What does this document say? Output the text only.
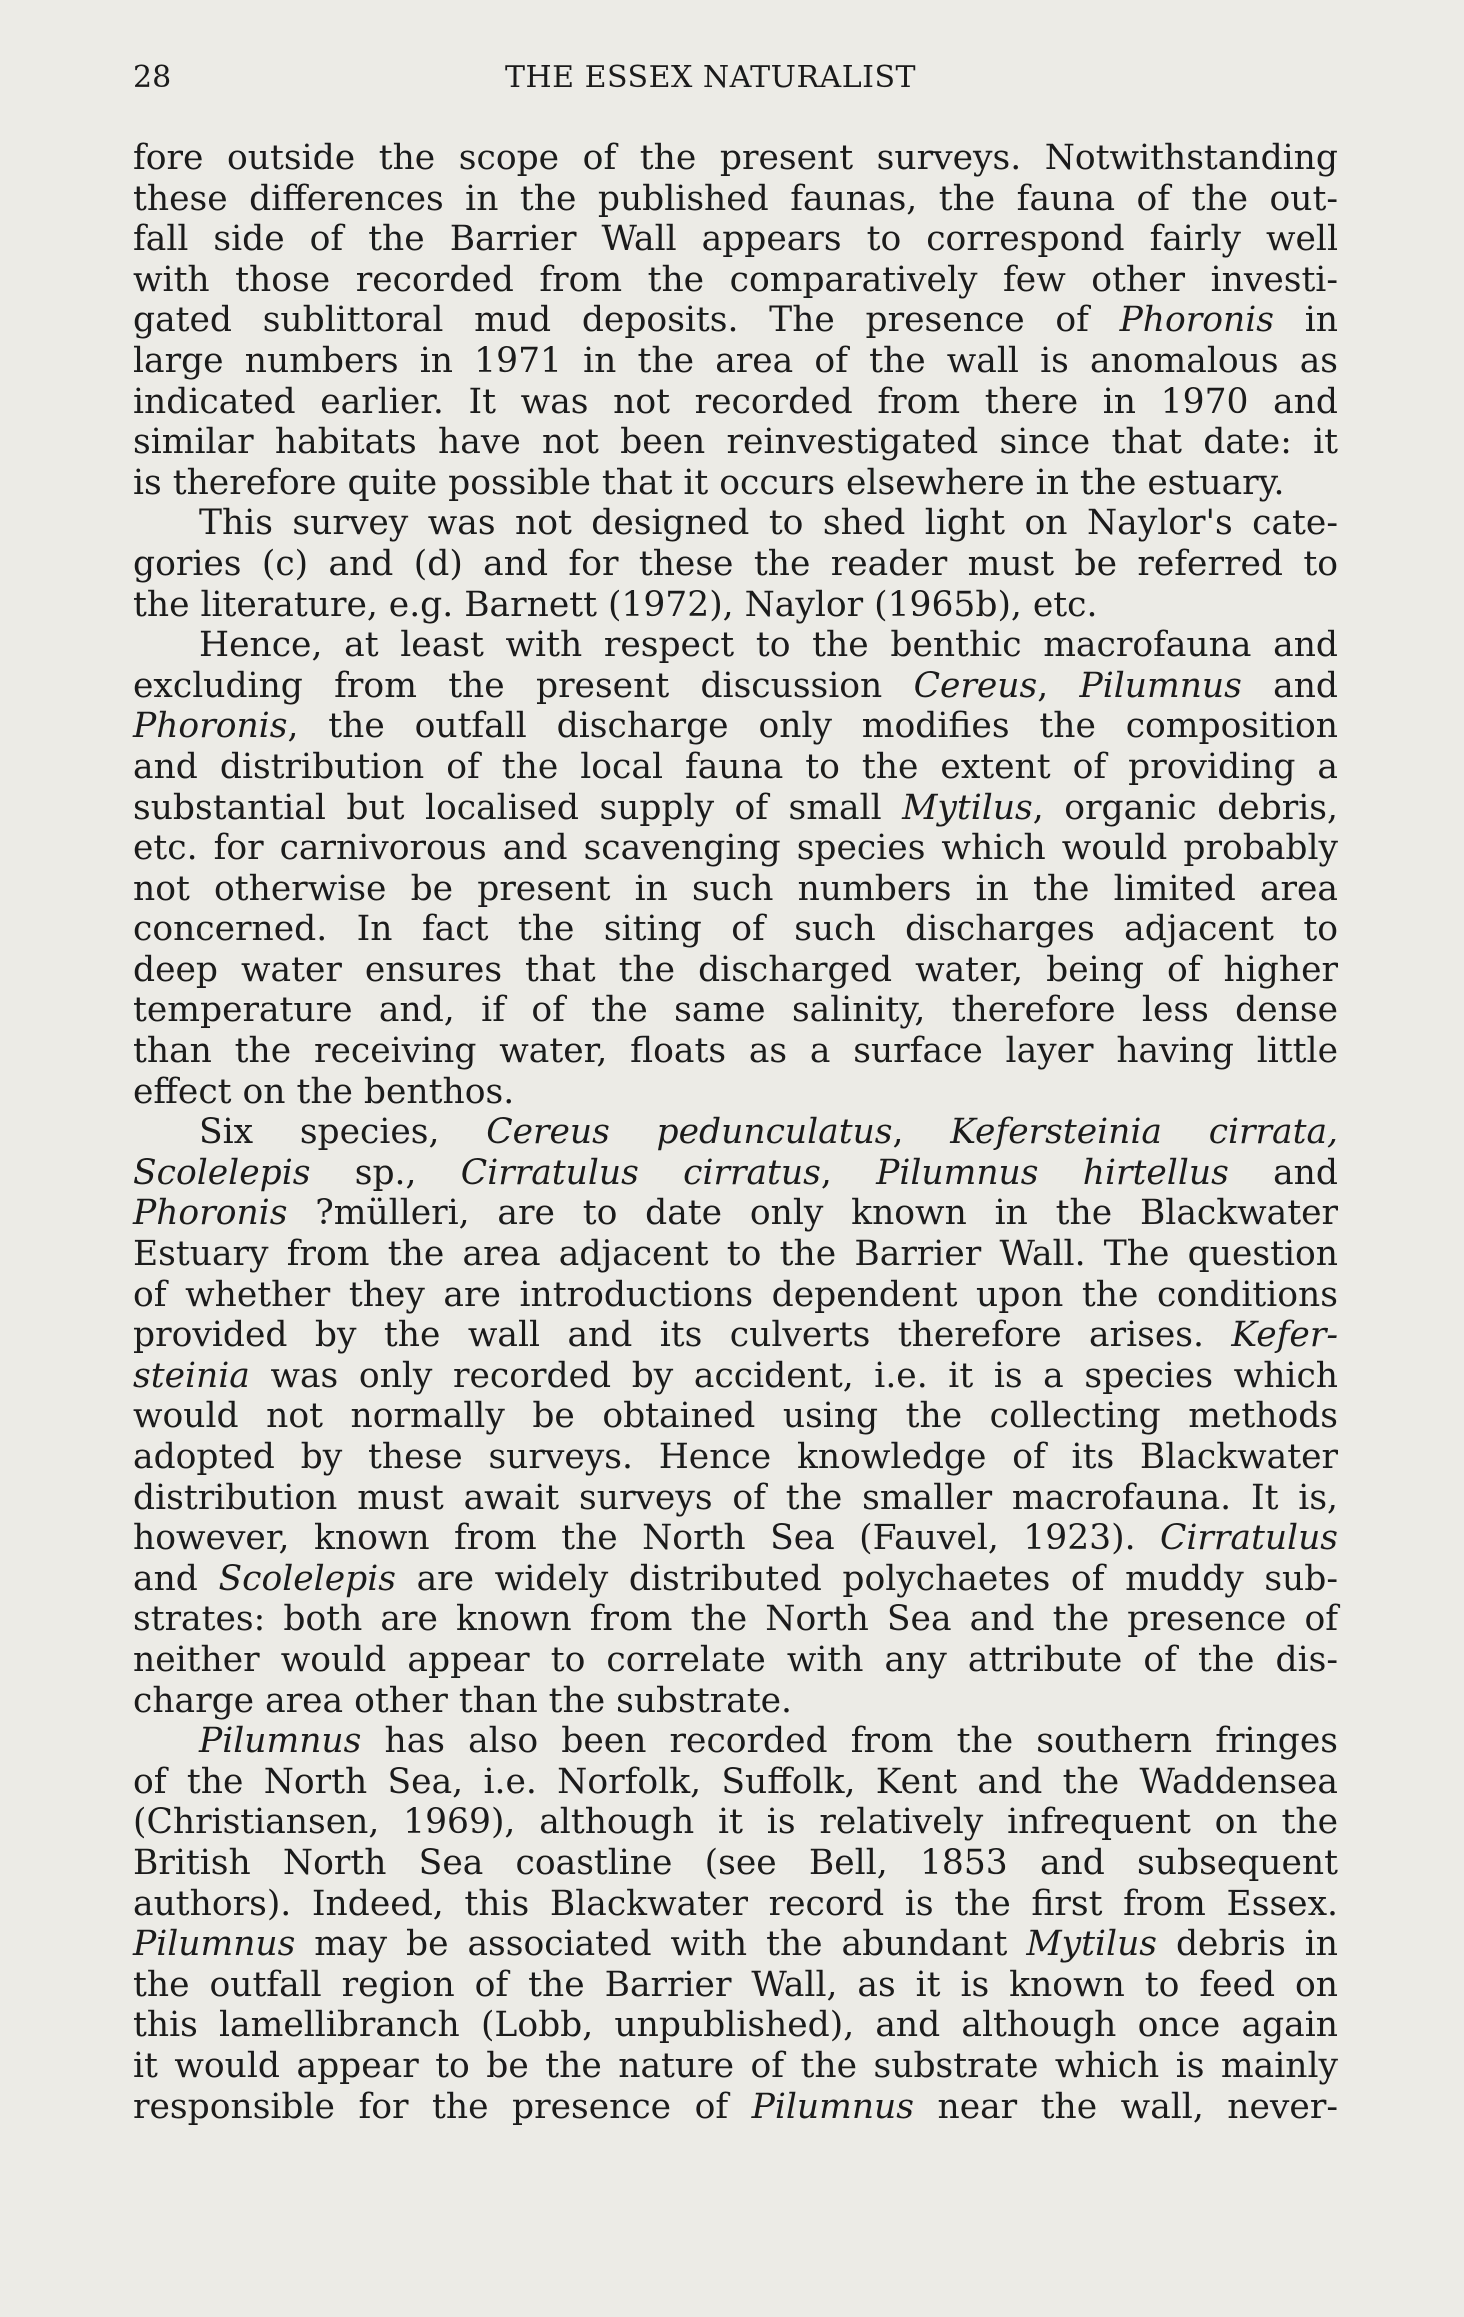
28	THE ESSEX NATURALIST
fore outside the scope of the present surveys. Notwithstanding
these differences in the published faunas, the fauna of the out-
fall side of the Barrier Wall appears to correspond fairly well
with those recorded from the comparatively few other investi-
gated sublittoral mud deposits. The presence of Phoronis in
large numbers in 1971 in the area of the wall is anomalous as
indicated earlier. It was not recorded from there in 1970 and
similar habitats have not been reinvestigated since that date: it
is therefore quite possible that it occurs elsewhere in the estuary.
This survey was not designed to shed light on Naylor's cate-
gories (c) and (d) and for these the reader must be referred to
the literature, e.g. Barnett (1972), Naylor (1965b), etc.
Hence, at least with respect to the benthic macrofauna and
excluding from the present discussion Cereus, Pilumnus and
Phoronis, the outfall discharge only modifies the composition
and distribution of the local fauna to the extent of providing a
substantial but localised supply of small Mytilus, organic debris,
etc. for carnivorous and scavenging species which would probably
not otherwise be present in such numbers in the limited area
concerned. In fact the siting of such discharges adjacent to
deep water ensures that the discharged water, being of higher
temperature and, if of the same salinity, therefore less dense
than the receiving water, floats as a surface layer having little
effect on the benthos.
Six species, Cereus pedunculatus, Kefersteinia cirrata,
Scolelepis sp., Cirratulus cirratus, Pilumnus hirtellus and
Phoronis ?mülleri, are to date only known in the Blackwater
Estuary from the area adjacent to the Barrier Wall. The question
of whether they are introductions dependent upon the conditions
provided by the wall and its culverts therefore arises. Kefer-
steinia was only recorded by accident, i.e. it is a species which
would not normally be obtained using the collecting methods
adopted by these surveys. Hence knowledge of its Blackwater
distribution must await surveys of the smaller macrofauna. It is,
however, known from the North Sea (Fauvel, 1923). Cirratulus
and Scolelepis are widely distributed polychaetes of muddy sub-
strates: both are known from the North Sea and the presence of
neither would appear to correlate with any attribute of the dis-
charge area other than the substrate.
Pilumnus has also been recorded from the southern fringes
of the North Sea, i.e. Norfolk, Suffolk, Kent and the Waddensea
(Christiansen, 1969), although it is relatively infrequent on the
British North Sea coastline (see Bell, 1853 and subsequent
authors). Indeed, this Blackwater record is the first from Essex.
Pilumnus may be associated with the abundant Mytilus debris in
the outfall region of the Barrier Wall, as it is known to feed on
this lamellibranch (Lobb, unpublished), and although once again
it would appear to be the nature of the substrate which is mainly
responsible for the presence of Pilumnus near the wall, never-
